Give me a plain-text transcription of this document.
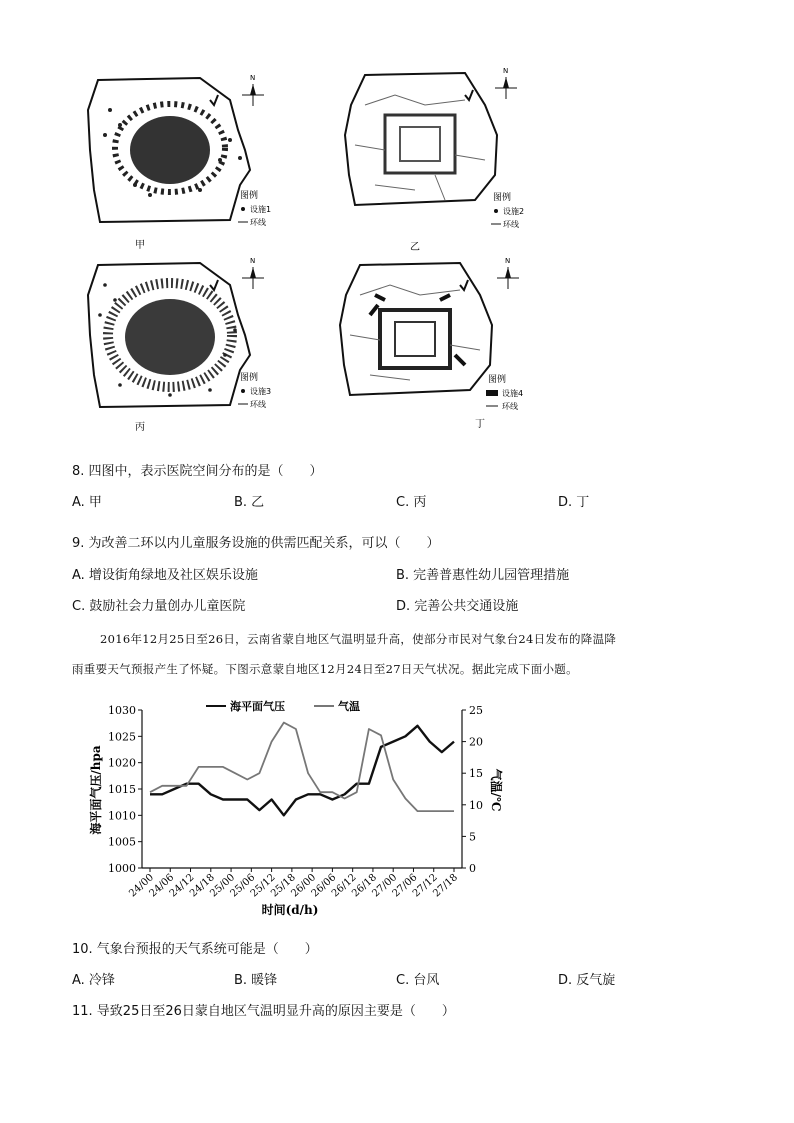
N
图例
设施1
环线
甲
N
图例
设施2
环线
乙
N
图例
设施3
环线
丙
N
图例
设施4
环线
丁
8. 四图中，表示医院空间分布的是（　　）
A. 甲	B. 乙	C. 丙	D. 丁
9. 为改善二环以内儿童服务设施的供需匹配关系，可以（　　）
A. 增设街角绿地及社区娱乐设施	B. 完善普惠性幼儿园管理措施
C. 鼓励社会力量创办儿童医院	D. 完善公共交通设施
2016年12月25日至26日，云南省蒙自地区气温明显升高，使部分市民对气象台24日发布的降温降
雨重要天气预报产生了怀疑。下图示意蒙自地区12月24日至27日天气状况。据此完成下面小题。
1000
1005
1010
1015
1020
1025
1030
0
5
10
15
20
25
24/00
24/06
24/12
24/18
25/00
25/06
25/12
25/18
26/00
26/06
26/12
26/18
27/00
27/06
27/12
27/18
海平面气压	气温
时间(d/h)
海平面气压/hpa	气温/℃
10. 气象台预报的天气系统可能是（　　）
A. 冷锋	B. 暖锋	C. 台风	D. 反气旋
11. 导致25日至26日蒙自地区气温明显升高的原因主要是（　　）
